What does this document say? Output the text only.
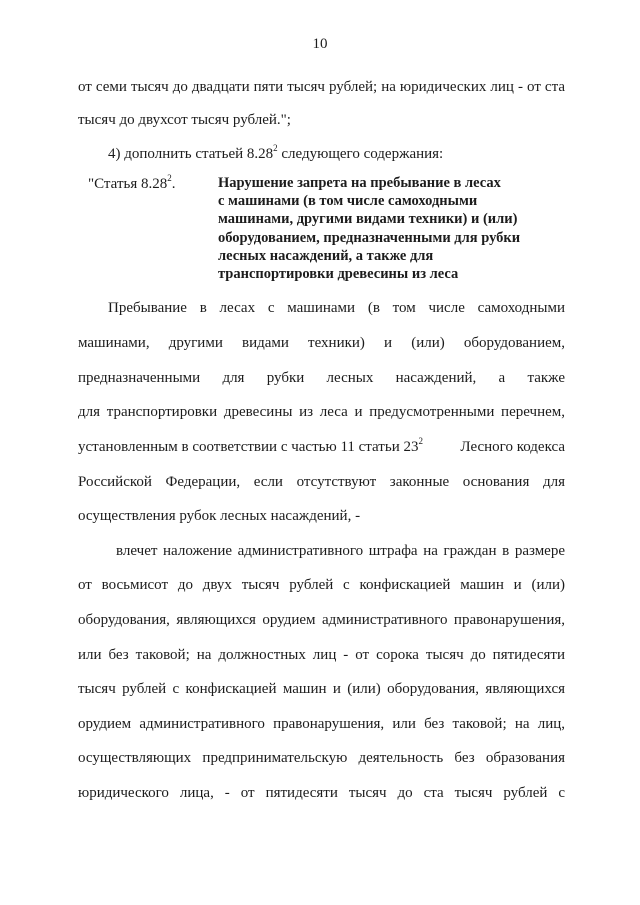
10
от семи тысяч до двадцати пяти тысяч рублей; на юридических лиц - от ста
тысяч до двухсот тысяч рублей.";
4) дополнить статьей 8.28$^2$ следующего содержания:
"Статья 8.28$^2$.	Нарушение запрета на пребывание в лесах
с машинами (в том числе самоходными
машинами, другими видами техники) и (или)
оборудованием, предназначенными для рубки
лесных насаждений, а также для
транспортировки древесины из леса
Пребывание в лесах с машинами (в том числе самоходными
машинами, другими видами техники) и (или) оборудованием,
предназначенными для рубки лесных насаждений, а также
для транспортировки древесины из леса и предусмотренными перечнем,
установленным в соответствии с частью 11 статьи $23^2$ Лесного кодекса
Российской Федерации, если отсутствуют законные основания для
осуществления рубок лесных насаждений, -
влечет наложение административного штрафа на граждан в размере
от восьмисот до двух тысяч рублей с конфискацией машин и (или)
оборудования, являющихся орудием административного правонарушения,
или без таковой; на должностных лиц - от сорока тысяч до пятидесяти
тысяч рублей с конфискацией машин и (или) оборудования, являющихся
орудием административного правонарушения, или без таковой; на лиц,
осуществляющих предпринимательскую деятельность без образования
юридического лица, - от пятидесяти тысяч до ста тысяч рублей с
